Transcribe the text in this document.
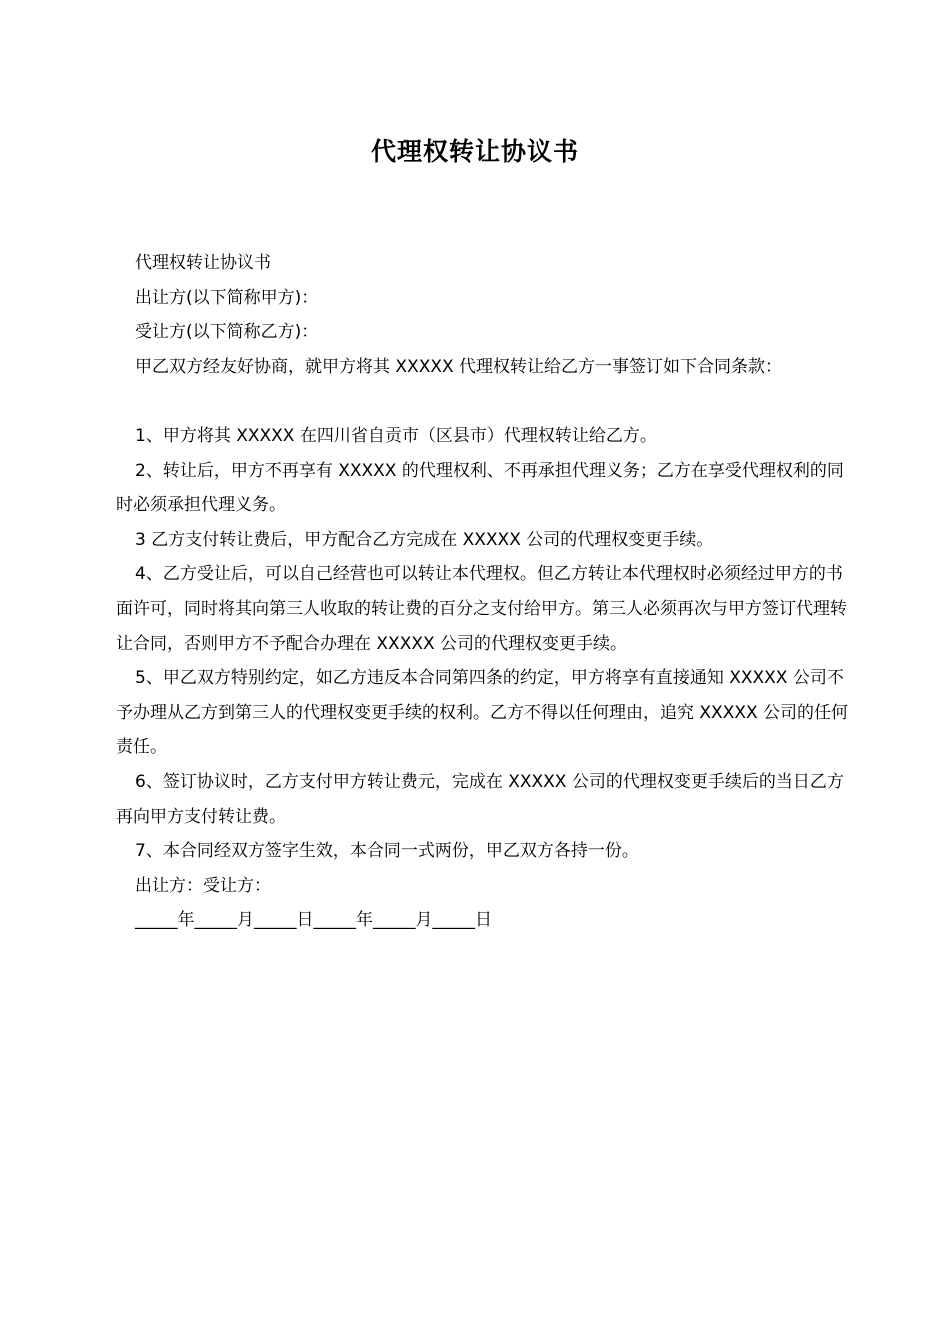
代理权转让协议书
代理权转让协议书
出让方(以下简称甲方)：
受让方(以下简称乙方)：
甲乙双方经友好协商，就甲方将其 XXXXX 代理权转让给乙方一事签订如下合同条款：
1、甲方将其 XXXXX 在四川省自贡市（区县市）代理权转让给乙方。
2、转让后，甲方不再享有 XXXXX 的代理权利、不再承担代理义务；乙方在享受代理权利的同时必须承担代理义务。
3 乙方支付转让费后，甲方配合乙方完成在 XXXXX 公司的代理权变更手续。
4、乙方受让后，可以自己经营也可以转让本代理权。但乙方转让本代理权时必须经过甲方的书面许可，同时将其向第三人收取的转让费的百分之支付给甲方。第三人必须再次与甲方签订代理转让合同，否则甲方不予配合办理在 XXXXX 公司的代理权变更手续。
5、甲乙双方特别约定，如乙方违反本合同第四条的约定，甲方将享有直接通知 XXXXX 公司不予办理从乙方到第三人的代理权变更手续的权利。乙方不得以任何理由，追究 XXXXX 公司的任何责任。
6、签订协议时，乙方支付甲方转让费元，完成在 XXXXX 公司的代理权变更手续后的当日乙方再向甲方支付转让费。
7、本合同经双方签字生效，本合同一式两份，甲乙双方各持一份。
出让方：受让方：
_____年_____月_____日_____年_____月_____日
